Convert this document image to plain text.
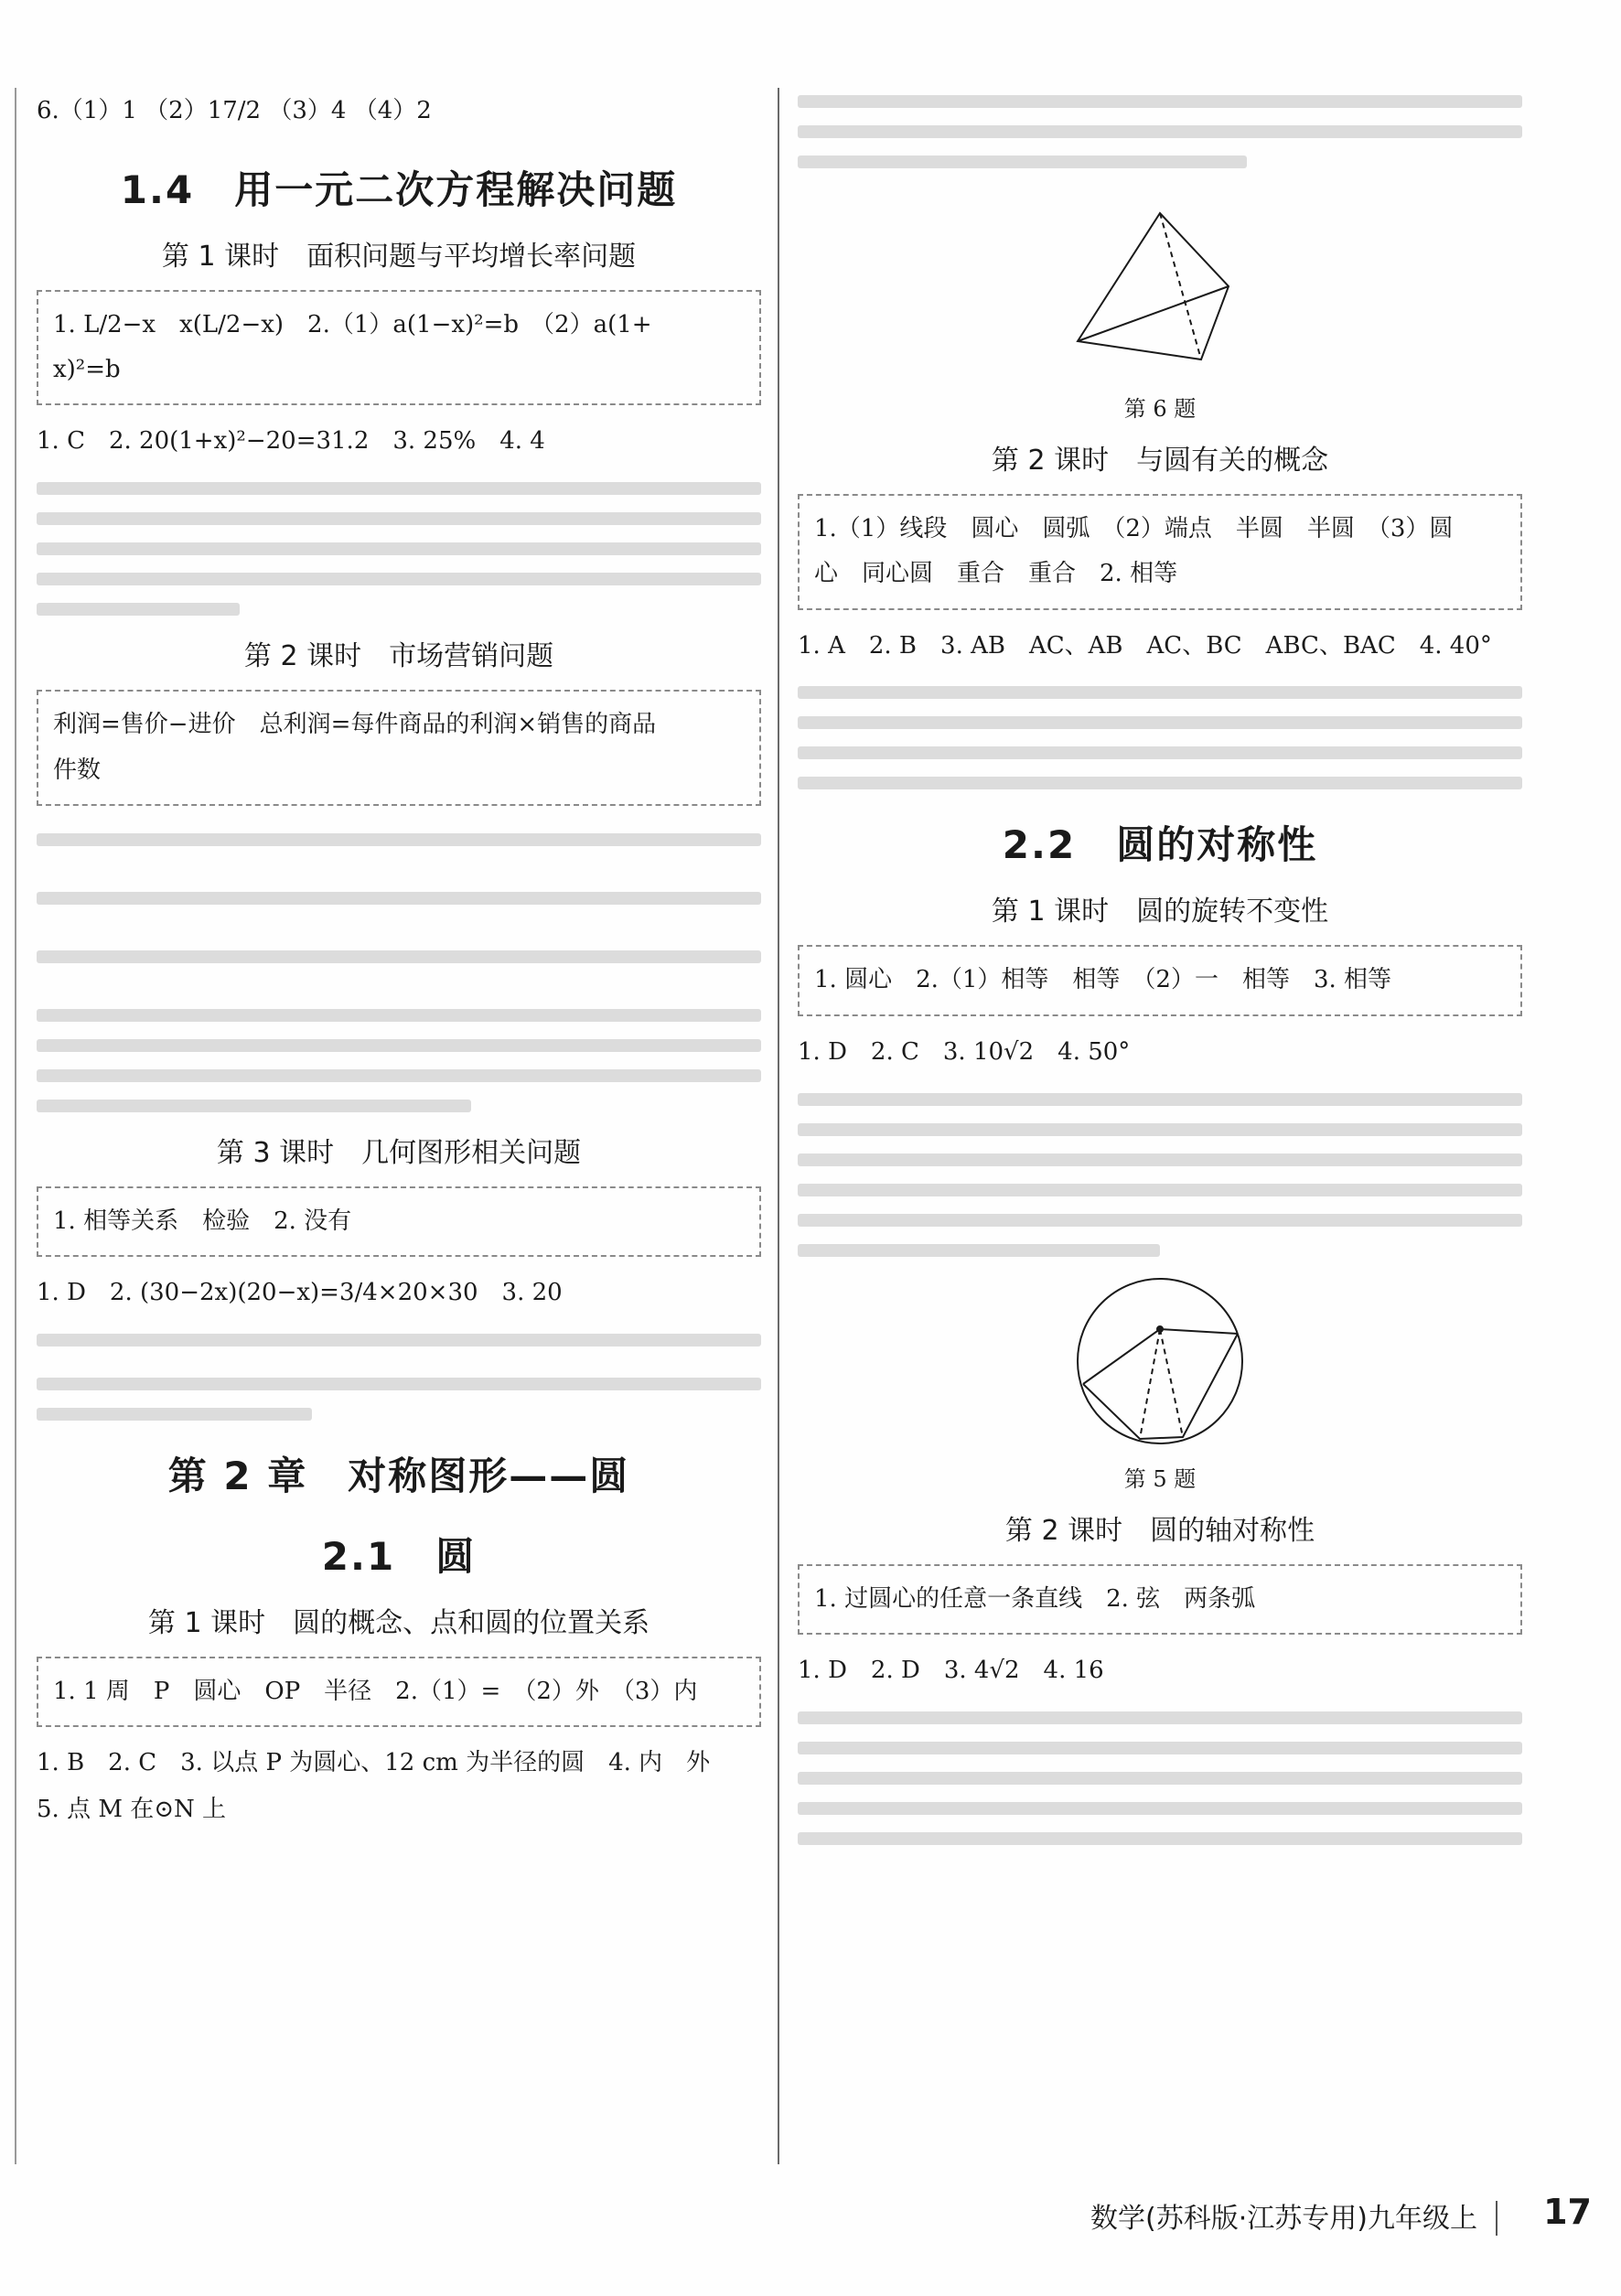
6.（1）1 （2）17/2 （3）4 （4）2
1.4　用一元二次方程解决问题
第 1 课时　面积问题与平均增长率问题
1. L/2−x　x(L/2−x)　2.（1）a(1−x)²=b　（2）a(1+
x)²=b
1. C　2. 20(1+x)²−20=31.2　3. 25%　4. 4
第 2 课时　市场营销问题
利润=售价−进价　总利润=每件商品的利润×销售的商品
件数
第 3 课时　几何图形相关问题
1. 相等关系　检验　2. 没有
1. D　2. (30−2x)(20−x)=3/4×20×30　3. 20
第 2 章　对称图形——圆
2.1　圆
第 1 课时　圆的概念、点和圆的位置关系
1. 1 周　P　圆心　OP　半径　2.（1）=　（2）外　（3）内
1. B　2. C　3. 以点 P 为圆心、12 cm 为半径的圆　4. 内　外
5. 点 M 在⊙N 上
第 6 题
第 2 课时　与圆有关的概念
1.（1）线段　圆心　圆弧　（2）端点　半圆　半圆　（3）圆
心　同心圆　重合　重合　2. 相等
1. A　2. B　3. AB　AC、AB　AC、BC　ABC、BAC　4. 40°
2.2　圆的对称性
第 1 课时　圆的旋转不变性
1. 圆心　2.（1）相等　相等　（2）一　相等　3. 相等
1. D　2. C　3. 10√2　4. 50°
第 5 题
第 2 课时　圆的轴对称性
1. 过圆心的任意一条直线　2. 弦　两条弧
1. D　2. D　3. 4√2　4. 16
数学(苏科版·江苏专用)九年级上 17
